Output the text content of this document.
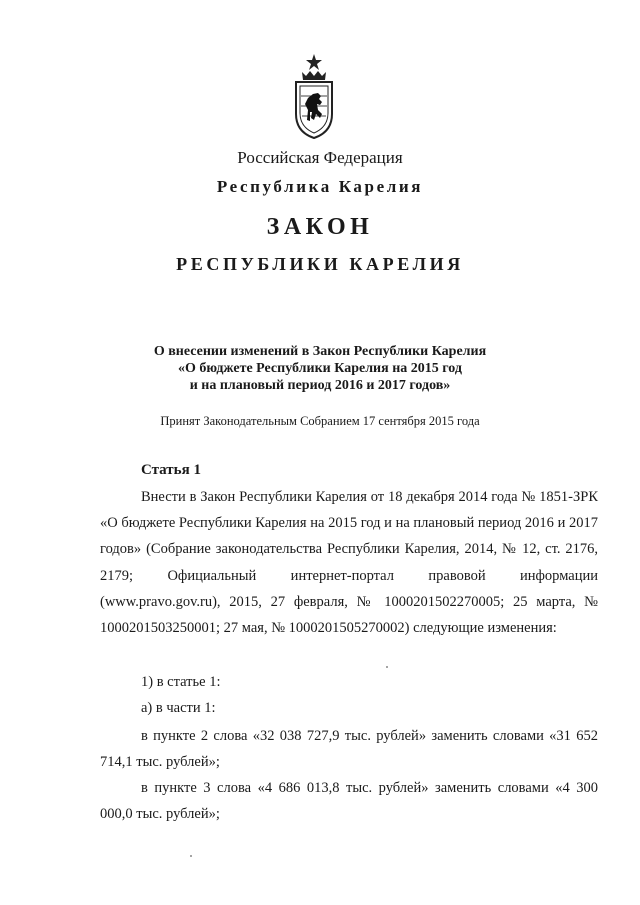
Российская Федерация
Республика Карелия
ЗАКОН
РЕСПУБЛИКИ КАРЕЛИЯ
О внесении изменений в Закон Республики Карелия
«О бюджете Республики Карелия на 2015 год
и на плановый период 2016 и 2017 годов»
Принят Законодательным Собранием 17 сентября 2015 года
Статья 1
Внести в Закон Республики Карелия от 18 декабря 2014 года № 1851-ЗРК «О бюджете Республики Карелия на 2015 год и на плановый период 2016 и 2017 годов» (Собрание законодательства Республики Карелия, 2014, № 12, ст. 2176, 2179; Официальный интернет-портал правовой информации (www.pravo.gov.ru), 2015, 27 февраля, № 1000201502270005; 25 марта, № 1000201503250001; 27 мая, № 1000201505270002) следующие изменения:
1) в статье 1:
а) в части 1:
в пункте 2 слова «32 038 727,9 тыс. рублей» заменить словами «31 652 714,1 тыс. рублей»;
в пункте 3 слова «4 686 013,8 тыс. рублей» заменить словами «4 300 000,0 тыс. рублей»;
